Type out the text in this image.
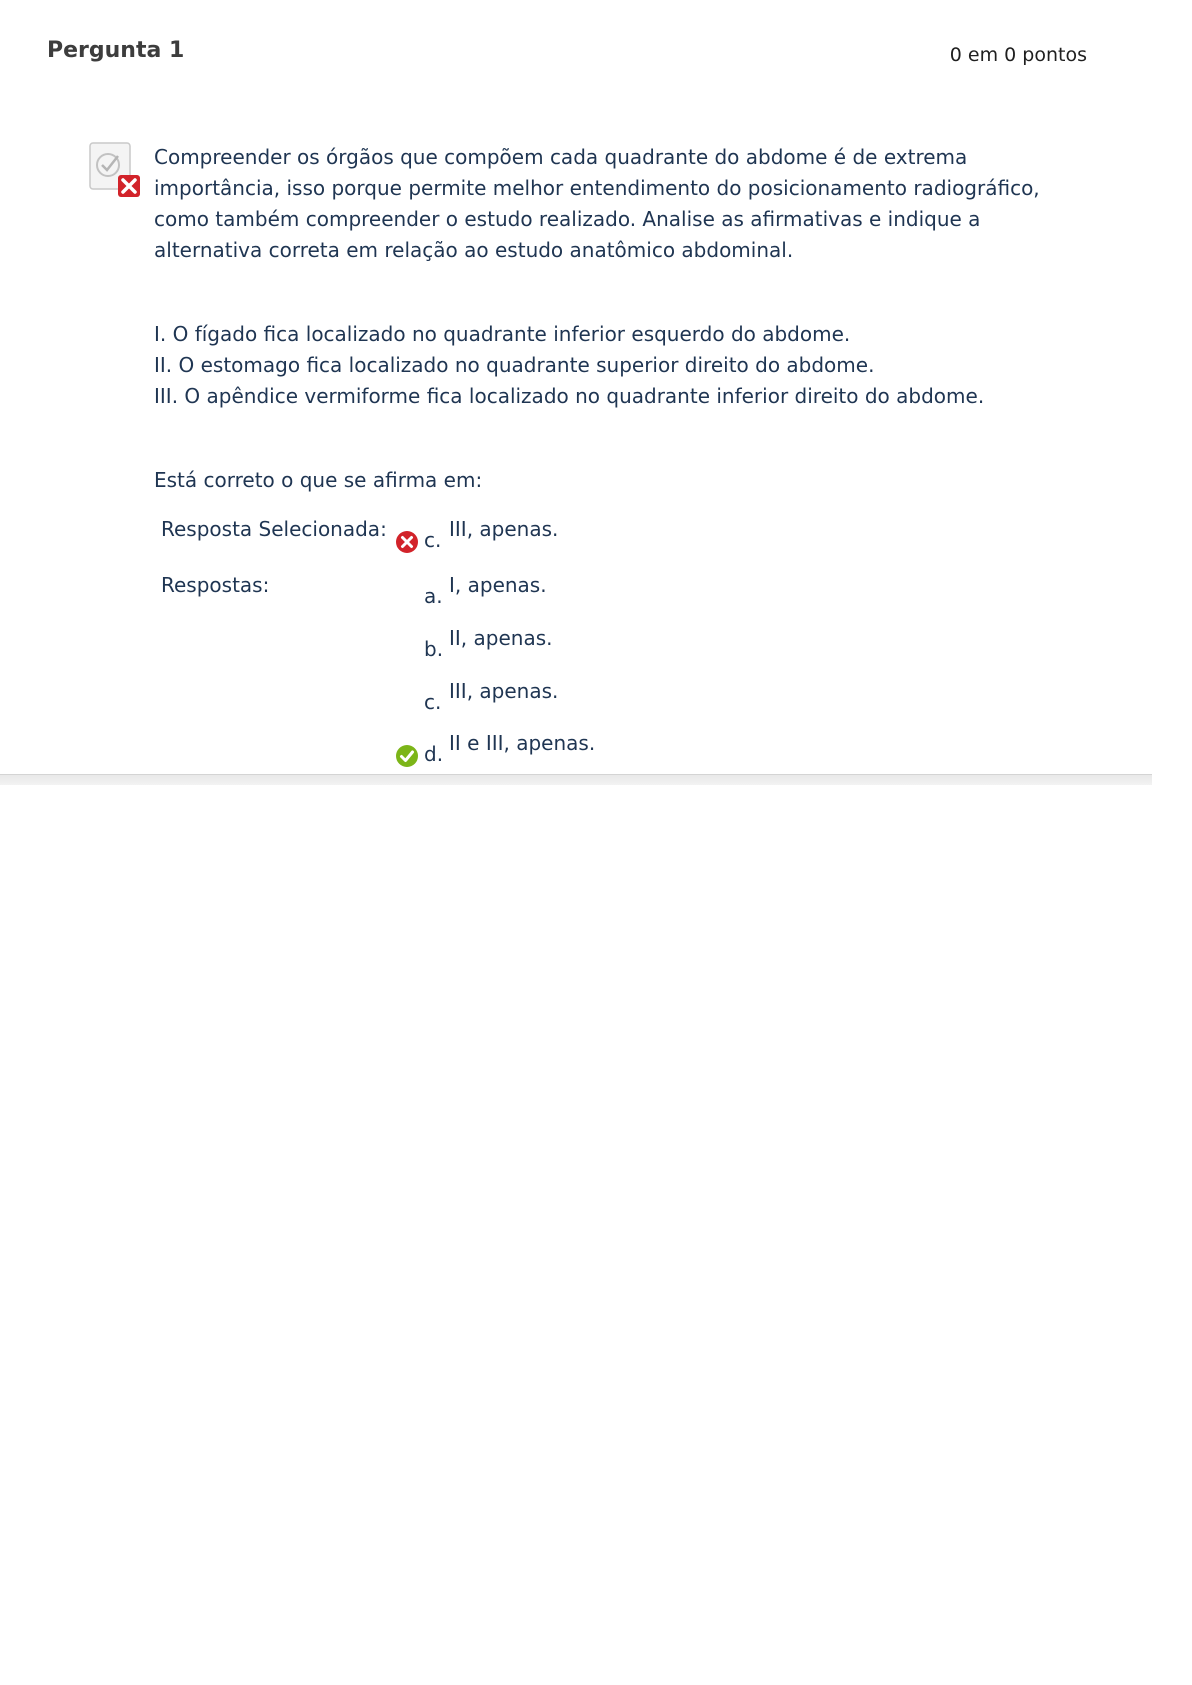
Pergunta 1	0 em 0 pontos
Compreender os órgãos que compõem cada quadrante do abdome é de extrema importância, isso porque permite melhor entendimento do posicionamento radiográfico, como também compreender o estudo realizado. Analise as afirmativas e indique a alternativa correta em relação ao estudo anatômico abdominal.
I. O fígado fica localizado no quadrante inferior esquerdo do abdome.
II. O estomago fica localizado no quadrante superior direito do abdome.
III. O apêndice vermiforme fica localizado no quadrante inferior direito do abdome.
Está correto o que se afirma em:
Resposta Selecionada: c. III, apenas.
Respostas:	a. I, apenas.
b. II, apenas.
c. III, apenas.
d. II e III, apenas.
